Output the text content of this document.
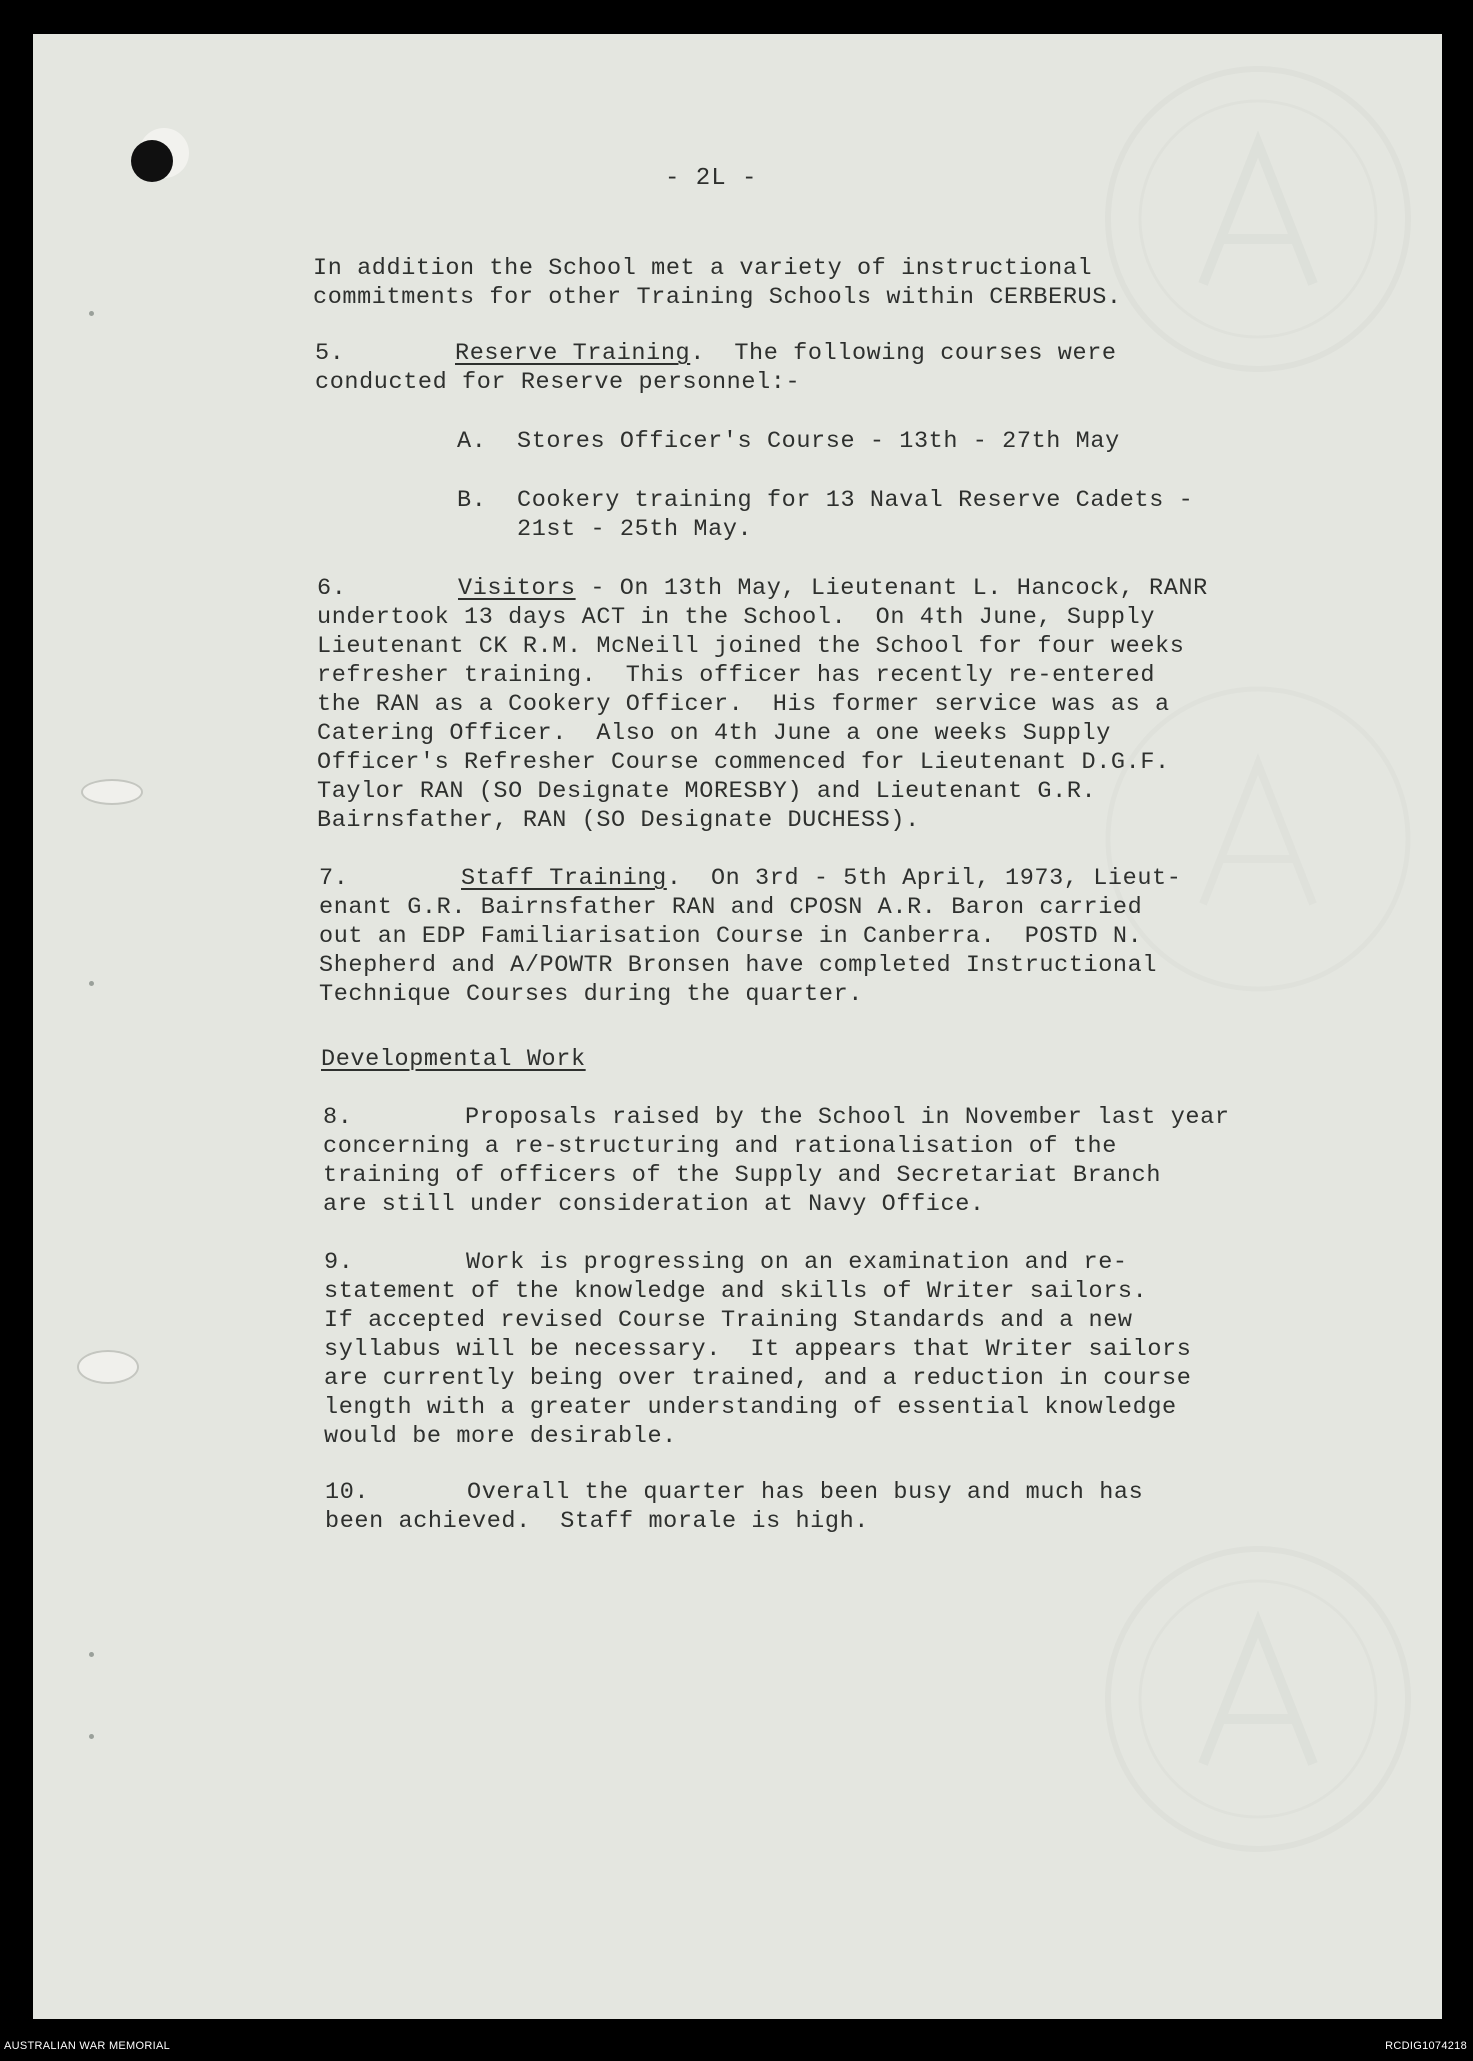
- 2L -
In addition the School met a variety of instructional
commitments for other Training Schools within CERBERUS.
5.	Reserve Training.  The following courses were
conducted for Reserve personnel:-
A. Stores Officer's Course - 13th - 27th May
B. Cookery training for 13 Naval Reserve Cadets -
21st - 25th May.
6.	Visitors - On 13th May, Lieutenant L. Hancock, RANR
undertook 13 days ACT in the School.  On 4th June, Supply
Lieutenant CK R.M. McNeill joined the School for four weeks
refresher training.  This officer has recently re-entered
the RAN as a Cookery Officer.  His former service was as a
Catering Officer.  Also on 4th June a one weeks Supply
Officer's Refresher Course commenced for Lieutenant D.G.F.
Taylor RAN (SO Designate MORESBY) and Lieutenant G.R.
Bairnsfather, RAN (SO Designate DUCHESS).
7.	Staff Training.  On 3rd - 5th April, 1973, Lieut-
enant G.R. Bairnsfather RAN and CPOSN A.R. Baron carried
out an EDP Familiarisation Course in Canberra.  POSTD N.
Shepherd and A/POWTR Bronsen have completed Instructional
Technique Courses during the quarter.
Developmental Work
8.	Proposals raised by the School in November last year
concerning a re-structuring and rationalisation of the
training of officers of the Supply and Secretariat Branch
are still under consideration at Navy Office.
9.	Work is progressing on an examination and re-
statement of the knowledge and skills of Writer sailors.
If accepted revised Course Training Standards and a new
syllabus will be necessary.  It appears that Writer sailors
are currently being over trained, and a reduction in course
length with a greater understanding of essential knowledge
would be more desirable.
10.	Overall the quarter has been busy and much has
been achieved.  Staff morale is high.
AUSTRALIAN WAR MEMORIAL	RCDIG1074218
